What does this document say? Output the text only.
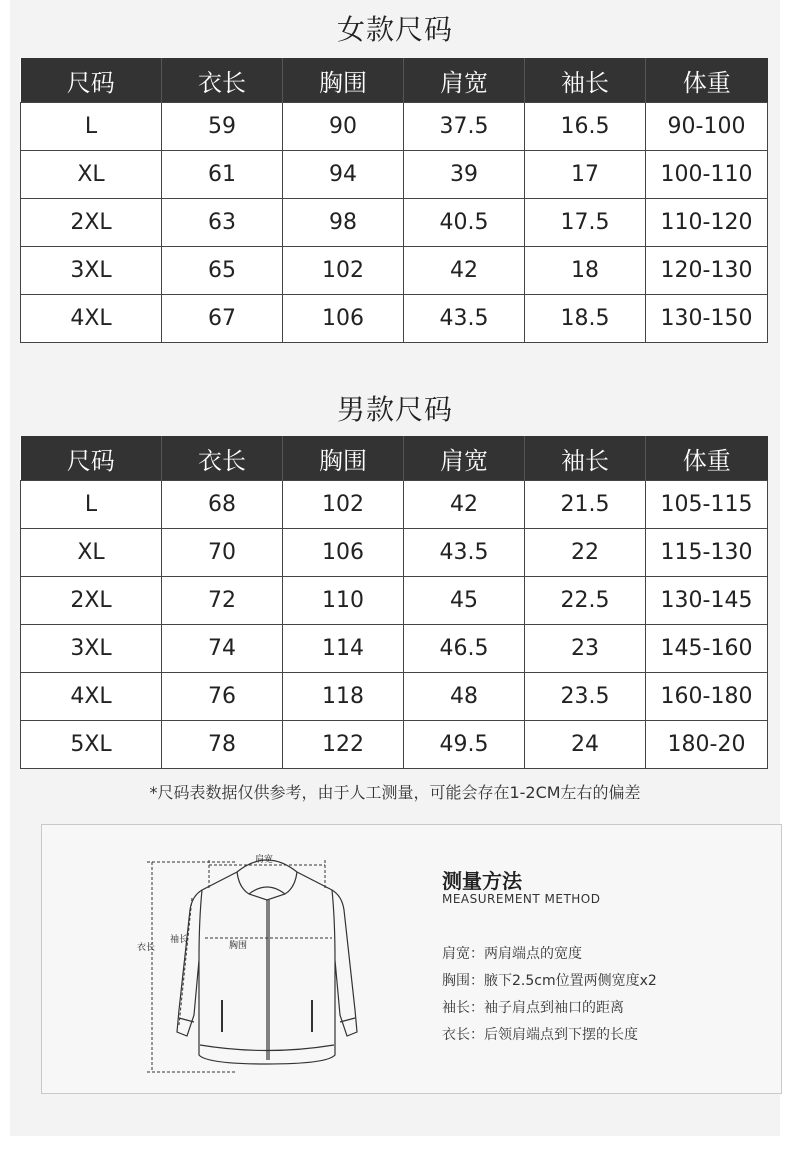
女款尺码
尺码	衣长	胸围	肩宽	袖长	体重
L	59	90	37.5	16.5	90-100
XL	61	94	39	17	100-110
2XL	63	98	40.5	17.5	110-120
3XL	65	102	42	18	120-130
4XL	67	106	43.5	18.5	130-150
男款尺码
尺码	衣长	胸围	肩宽	袖长	体重
L	68	102	42	21.5	105-115
XL	70	106	43.5	22	115-130
2XL	72	110	45	22.5	130-145
3XL	74	114	46.5	23	145-160
4XL	76	118	48	23.5	160-180
5XL	78	122	49.5	24	180-20
*尺码表数据仅供参考，由于人工测量，可能会存在1-2CM左右的偏差
肩宽
衣长
袖长
胸围
测量方法
MEASUREMENT METHOD
肩宽：两肩端点的宽度
胸围：腋下2.5cm位置两侧宽度x2
袖长：袖子肩点到袖口的距离
衣长：后领肩端点到下摆的长度
